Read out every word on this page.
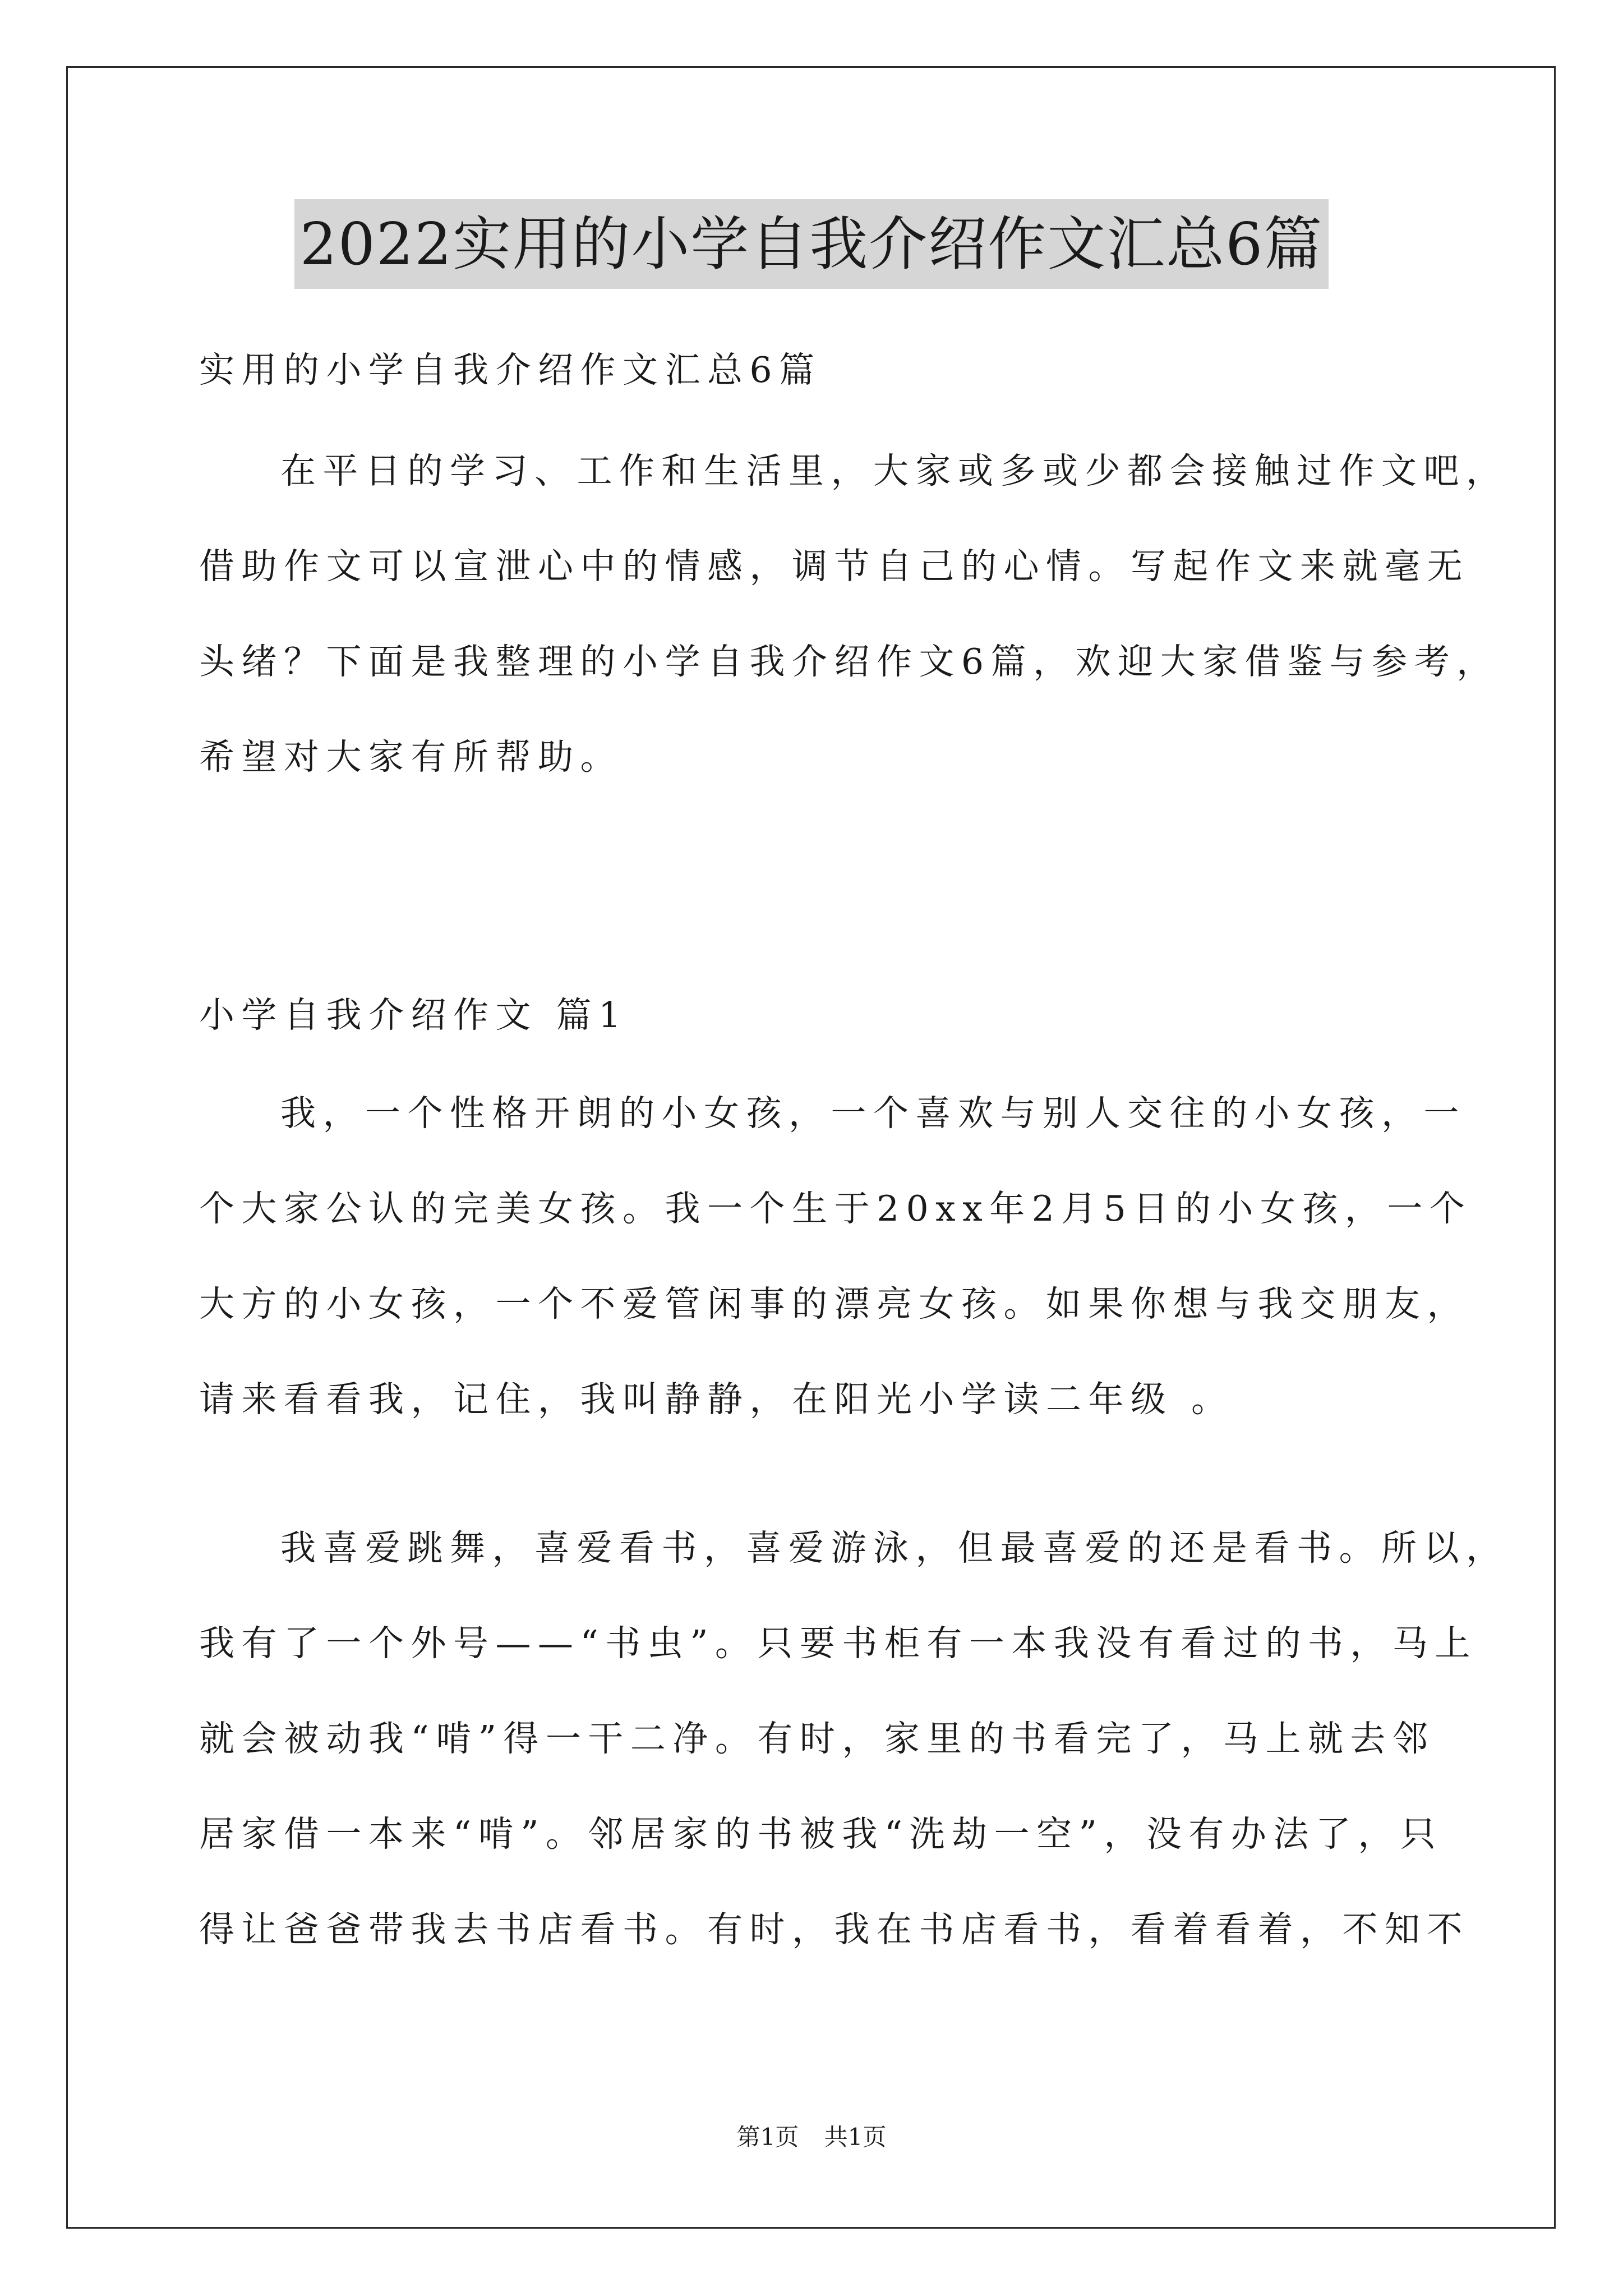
2022实用的小学自我介绍作文汇总6篇
实用的小学自我介绍作文汇总6篇
在平日的学习、工作和生活里，大家或多或少都会接触过作文吧，
借助作文可以宣泄心中的情感，调节自己的心情。写起作文来就毫无
头绪？下面是我整理的小学自我介绍作文6篇，欢迎大家借鉴与参考，
希望对大家有所帮助。
小学自我介绍作文 篇1
我，一个性格开朗的小女孩，一个喜欢与别人交往的小女孩，一
个大家公认的完美女孩。我一个生于20xx年2月5日的小女孩，一个
大方的小女孩，一个不爱管闲事的漂亮女孩。如果你想与我交朋友，
请来看看我，记住，我叫静静，在阳光小学读二年级 。
我喜爱跳舞，喜爱看书，喜爱游泳，但最喜爱的还是看书。所以，
我有了一个外号——“书虫”。只要书柜有一本我没有看过的书，马上
就会被动我“啃”得一干二净。有时，家里的书看完了，马上就去邻
居家借一本来“啃”。邻居家的书被我“洗劫一空”，没有办法了，只
得让爸爸带我去书店看书。有时，我在书店看书，看着看着，不知不
第1页 共1页
